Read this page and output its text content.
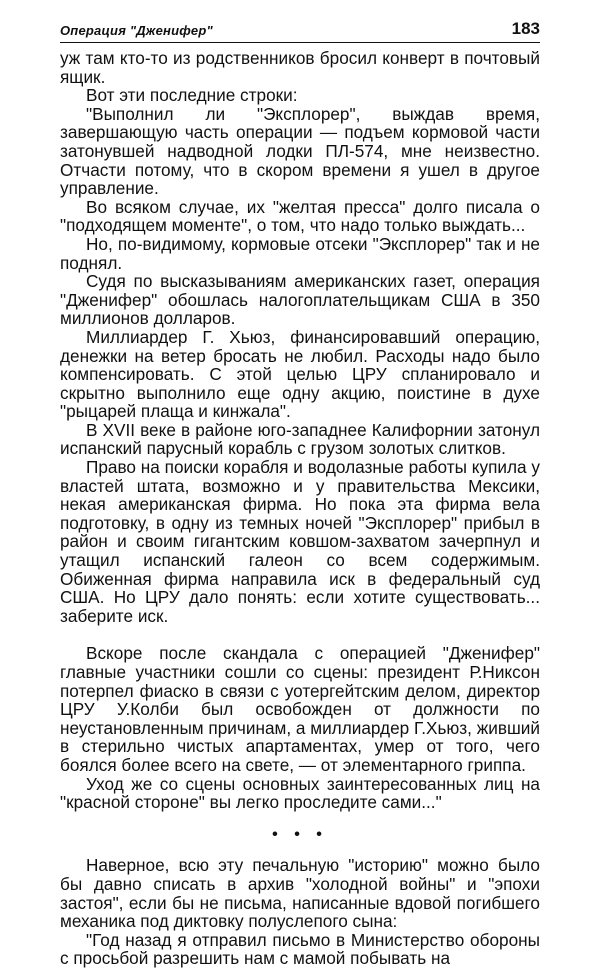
Операция "Дженифер"	183

уж там кто-то из родственников бросил конверт в почтовый ящик.

Вот эти последние строки:

"Выполнил ли "Эксплорер", выждав время, завершающую часть операции — подъем кормовой части затонувшей надводной лодки ПЛ-574, мне неизвестно. Отчасти потому, что в скором времени я ушел в другое управление.

Во всяком случае, их "желтая пресса" долго писала о "подходящем моменте", о том, что надо только выждать...

Но, по-видимому, кормовые отсеки "Эксплорер" так и не поднял.

Судя по высказываниям американских газет, операция "Дженифер" обошлась налогоплательщикам США в 350 миллионов долларов.

Миллиардер Г. Хьюз, финансировавший операцию, денежки на ветер бросать не любил. Расходы надо было компенсировать. С этой целью ЦРУ спланировало и скрытно выполнило еще одну акцию, поистине в духе "рыцарей плаща и кинжала".

В XVII веке в районе юго-западнее Калифорнии затонул испанский парусный корабль с грузом золотых слитков.

Право на поиски корабля и водолазные работы купила у властей штата, возможно и у правительства Мексики, некая американская фирма. Но пока эта фирма вела подготовку, в одну из темных ночей "Эксплорер" прибыл в район и своим гигантским ковшом-захватом зачерпнул и утащил испанский галеон со всем содержимым. Обиженная фирма направила иск в федеральный суд США. Но ЦРУ дало понять: если хотите существовать... заберите иск.

Вскоре после скандала с операцией "Дженифер" главные участники сошли со сцены: президент Р.Никсон потерпел фиаско в связи с уотергейтским делом, директор ЦРУ У.Колби был освобожден от должности по неустановленным причинам, а миллиардер Г.Хьюз, живший в стерильно чистых апартаментах, умер от того, чего боялся более всего на свете, — от элементарного гриппа.

Уход же со сцены основных заинтересованных лиц на "красной стороне" вы легко проследите сами..."

• • •

Наверное, всю эту печальную "историю" можно было бы давно списать в архив "холодной войны" и "эпохи застоя", если бы не письма, написанные вдовой погибшего механика под диктовку полуслепого сына:

"Год назад я отправил письмо в Министерство обороны с просьбой разрешить нам с мамой побывать на
